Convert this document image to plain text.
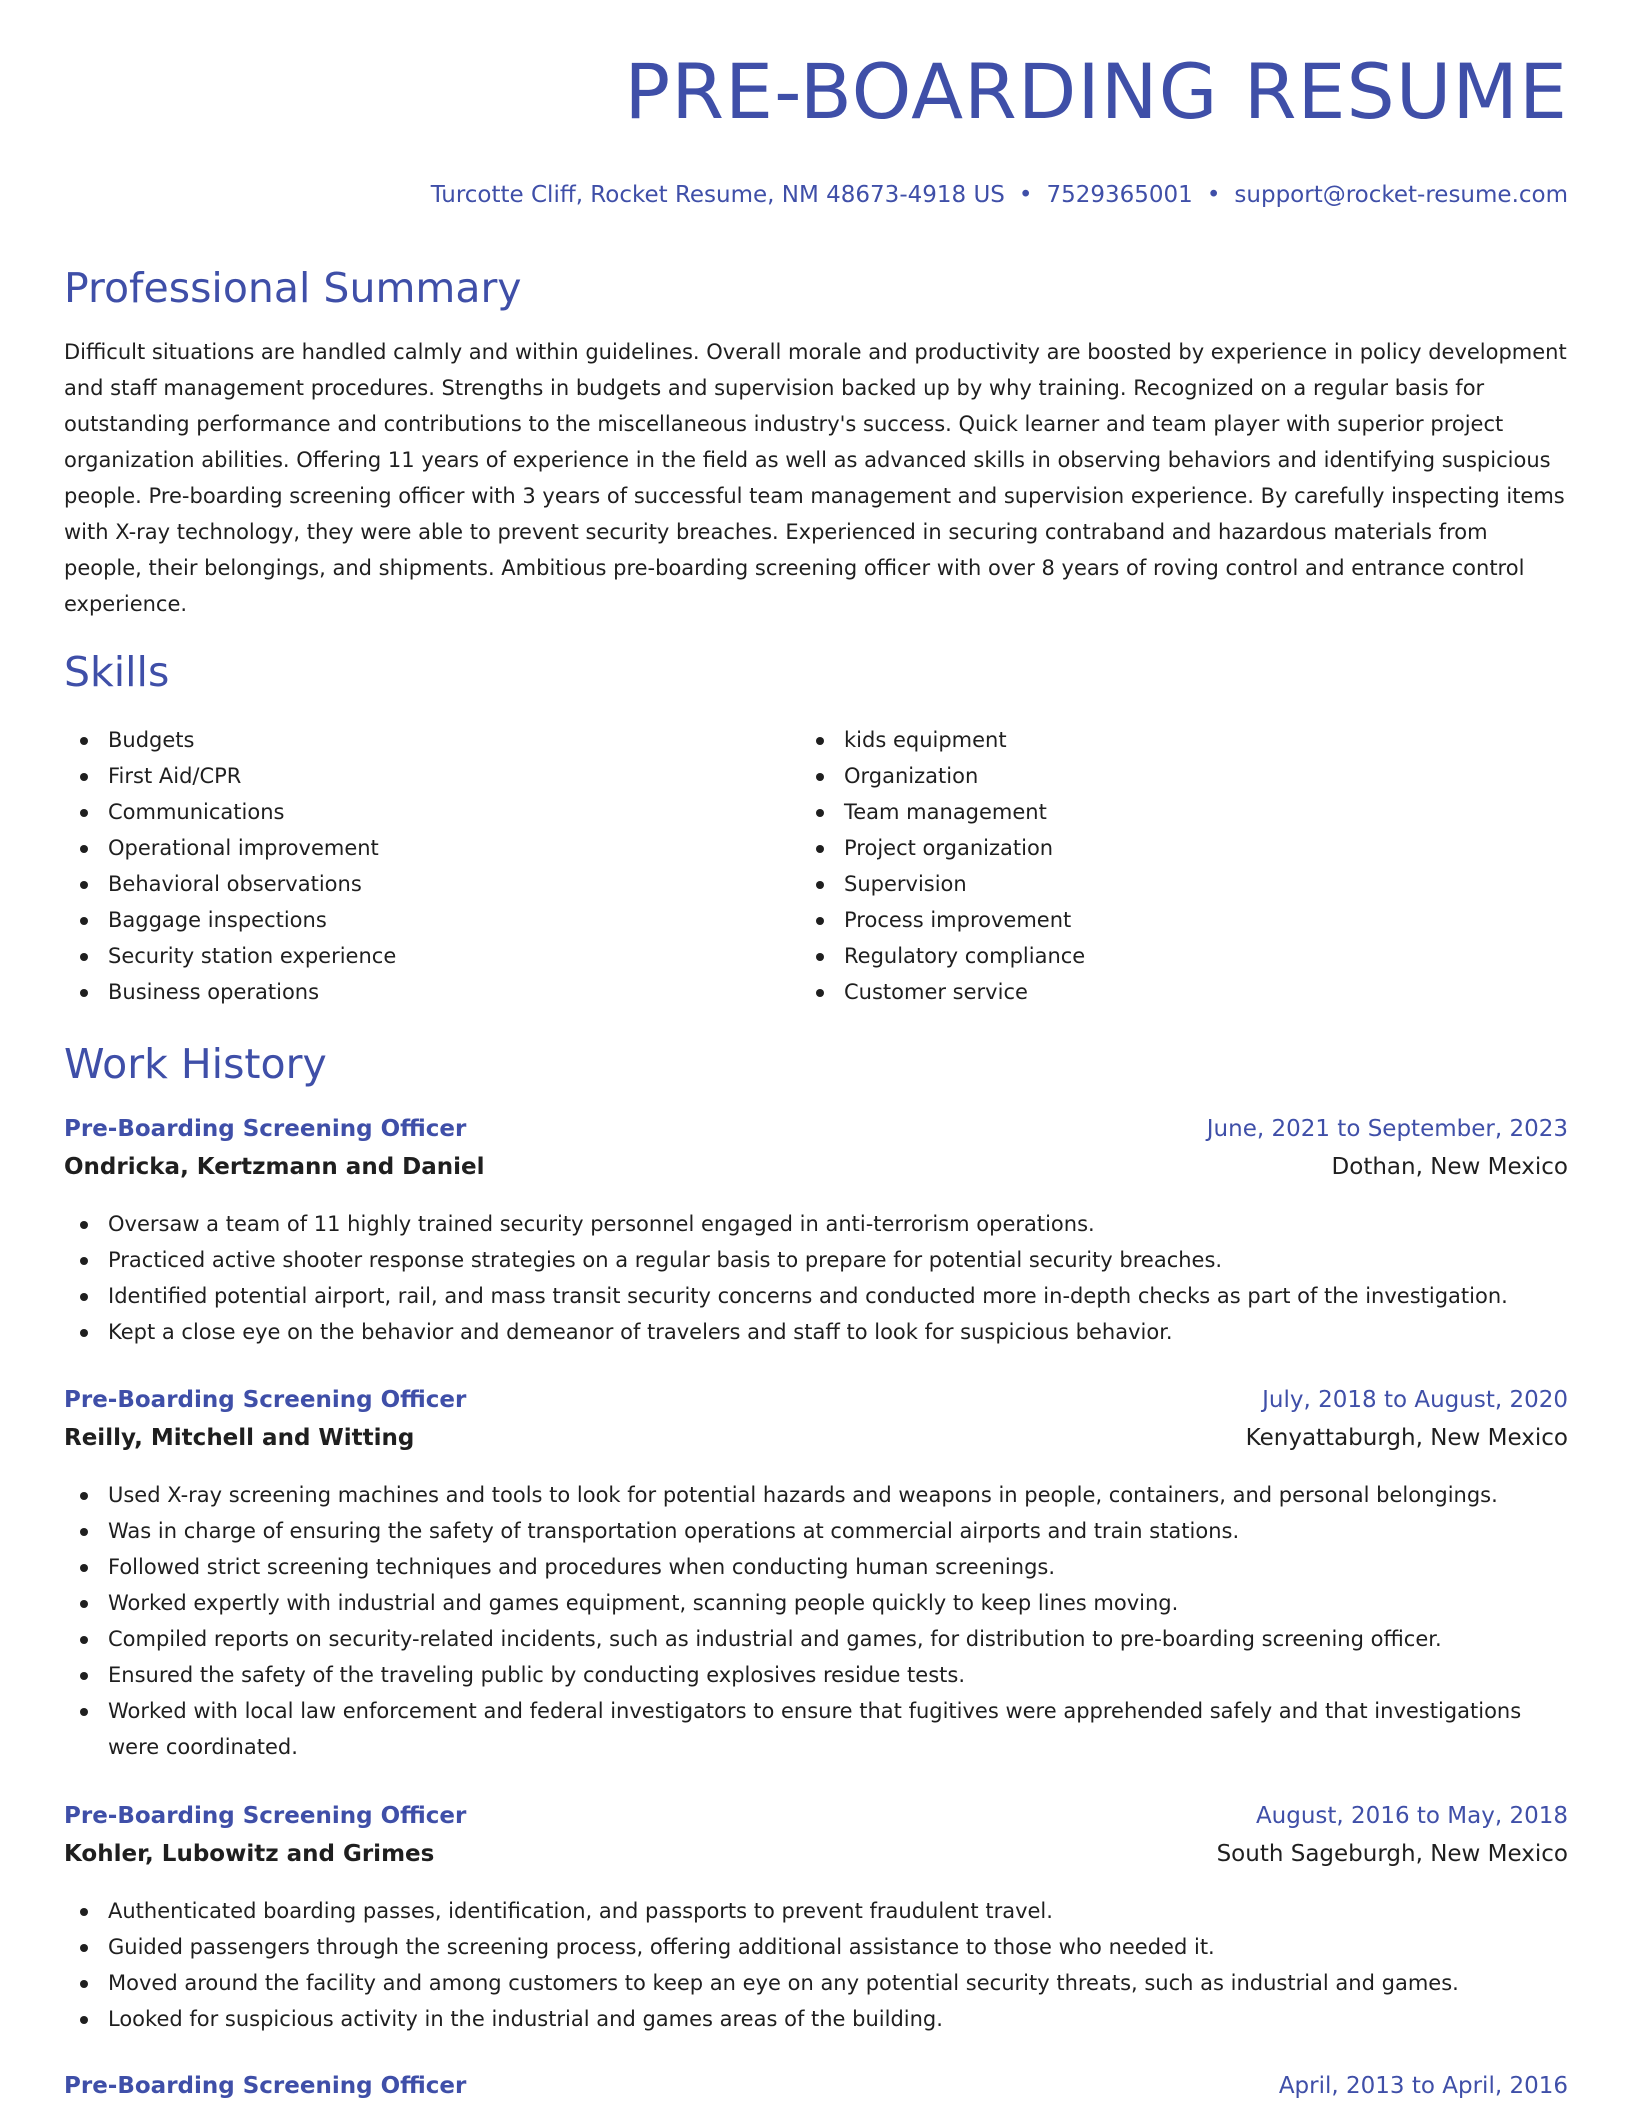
PRE-BOARDING RESUME
Turcotte Cliff, Rocket Resume, NM 48673-4918 US • 7529365001 • support@rocket-resume.com
Professional Summary

Difficult situations are handled calmly and within guidelines. Overall morale and productivity are boosted by experience in policy development and staff management procedures. Strengths in budgets and supervision backed up by why training. Recognized on a regular basis for outstanding performance and contributions to the miscellaneous industry's success. Quick learner and team player with superior project organization abilities. Offering 11 years of experience in the field as well as advanced skills in observing behaviors and identifying suspicious people. Pre-boarding screening officer with 3 years of successful team management and supervision experience. By carefully inspecting items with X-ray technology, they were able to prevent security breaches. Experienced in securing contraband and hazardous materials from people, their belongings, and shipments. Ambitious pre-boarding screening officer with over 8 years of roving control and entrance control experience.

Skills
Budgets
First Aid/CPR
Communications
Operational improvement
Behavioral observations
Baggage inspections
Security station experience
Business operations
kids equipment
Organization
Team management
Project organization
Supervision
Process improvement
Regulatory compliance
Customer service
Work History
Pre-Boarding Screening Officer	June, 2021 to September, 2023
Ondricka, Kertzmann and Daniel	Dothan, New Mexico
Oversaw a team of 11 highly trained security personnel engaged in anti-terrorism operations.
Practiced active shooter response strategies on a regular basis to prepare for potential security breaches.
Identified potential airport, rail, and mass transit security concerns and conducted more in-depth checks as part of the investigation.
Kept a close eye on the behavior and demeanor of travelers and staff to look for suspicious behavior.
Pre-Boarding Screening Officer	July, 2018 to August, 2020
Reilly, Mitchell and Witting	Kenyattaburgh, New Mexico
Used X-ray screening machines and tools to look for potential hazards and weapons in people, containers, and personal belongings.
Was in charge of ensuring the safety of transportation operations at commercial airports and train stations.
Followed strict screening techniques and procedures when conducting human screenings.
Worked expertly with industrial and games equipment, scanning people quickly to keep lines moving.
Compiled reports on security-related incidents, such as industrial and games, for distribution to pre-boarding screening officer.
Ensured the safety of the traveling public by conducting explosives residue tests.
Worked with local law enforcement and federal investigators to ensure that fugitives were apprehended safely and that investigations were coordinated.
Pre-Boarding Screening Officer	August, 2016 to May, 2018
Kohler, Lubowitz and Grimes	South Sageburgh, New Mexico
Authenticated boarding passes, identification, and passports to prevent fraudulent travel.
Guided passengers through the screening process, offering additional assistance to those who needed it.
Moved around the facility and among customers to keep an eye on any potential security threats, such as industrial and games.
Looked for suspicious activity in the industrial and games areas of the building.
Pre-Boarding Screening Officer	April, 2013 to April, 2016
